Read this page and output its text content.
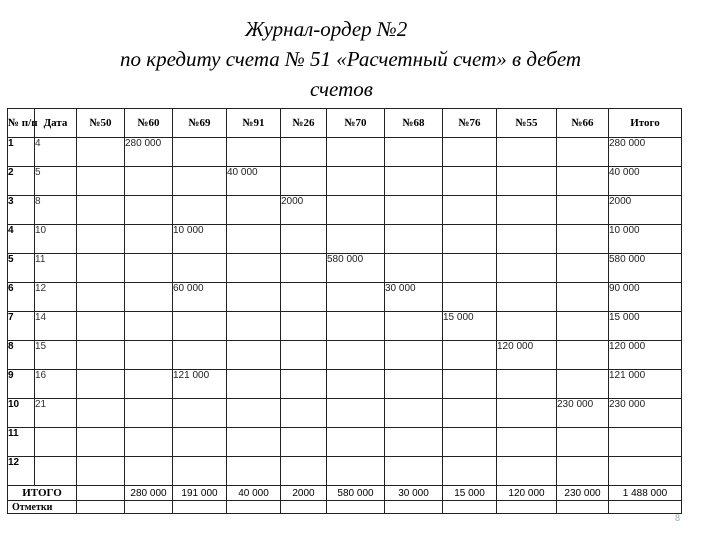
Журнал-ордер №2
по кредиту счета № 51 «Расчетный счет» в дебет
счетов
№ п/п	Дата	№50	№60	№69	№91	№26	№70	№68	№76	№55	№66	Итого
1	4		280 000									280 000
2	5				40 000							40 000
3	8					2000						2000
4	10			10 000								10 000
5	11						580 000					580 000
6	12			60 000				30 000				90 000
7	14								15 000			15 000
8	15									120 000		120 000
9	16			121 000								121 000
10	21										230 000	230 000
11												
12												
ИТОГО			280 000	191 000	40 000	2000	580 000	30 000	15 000	120 000	230 000	1 488 000
Отметки												
8
